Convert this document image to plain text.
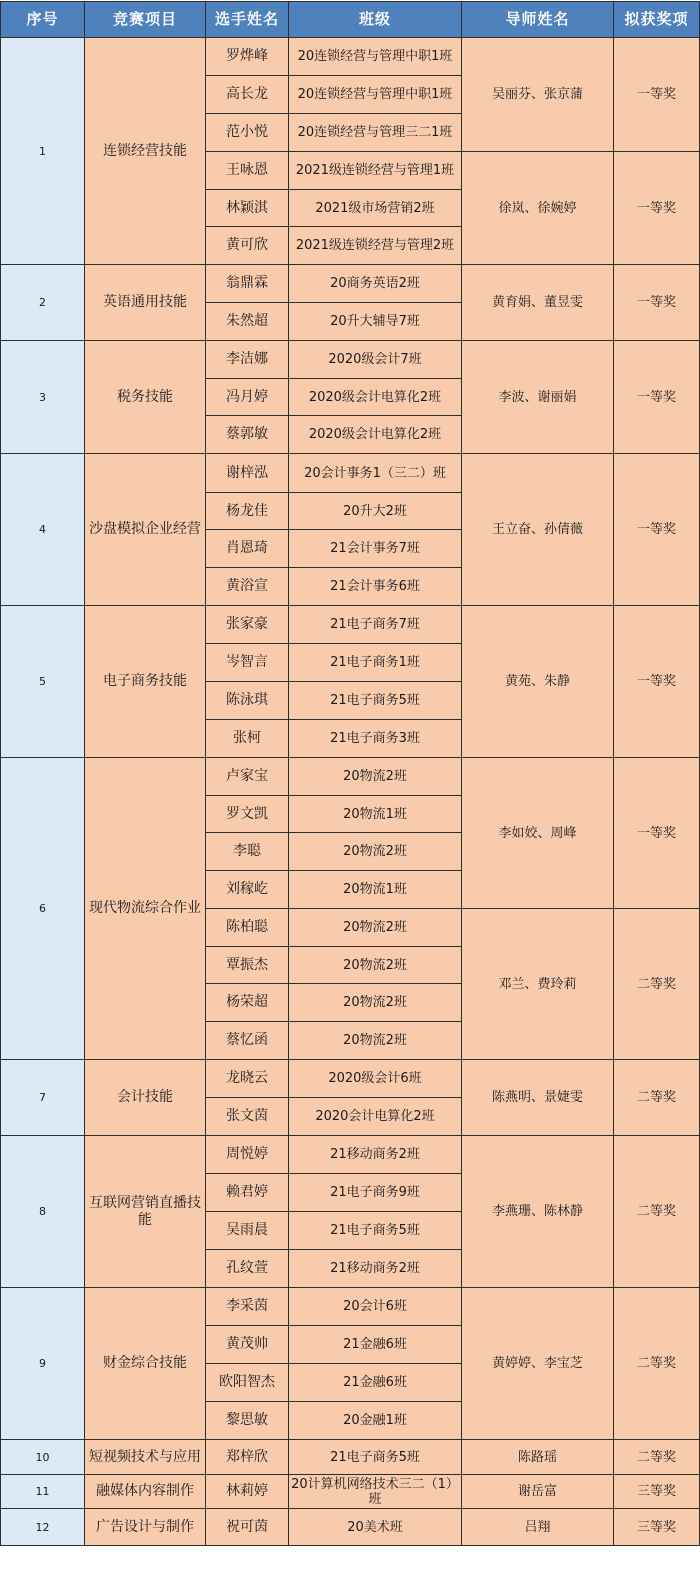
序号	竞赛项目	选手姓名	班级	导师姓名	拟获奖项
1	连锁经营技能	罗烨峰	20连锁经营与管理中职1班	吴丽芬、张京蒲	一等奖
		高长龙	20连锁经营与管理中职1班		
		范小悦	20连锁经营与管理三二1班		
		王咏恩	2021级连锁经营与管理1班	徐岚、徐婉婷	一等奖
		林颖淇	2021级市场营销2班		
		黄可欣	2021级连锁经营与管理2班		
2	英语通用技能	翁鼎霖	20商务英语2班	黄育娟、董昱雯	一等奖
		朱然超	20升大辅导7班		
3	税务技能	李洁娜	2020级会计7班	李波、谢丽娟	一等奖
		冯月婷	2020级会计电算化2班		
		蔡郭敏	2020级会计电算化2班		
4	沙盘模拟企业经营	谢梓泓	20会计事务1（三二）班	王立奋、孙倩薇	一等奖
		杨龙佳	20升大2班		
		肖恩琦	21会计事务7班		
		黄浴宣	21会计事务6班		
5	电子商务技能	张家豪	21电子商务7班	黄苑、朱静	一等奖
		岑智言	21电子商务1班		
		陈泳琪	21电子商务5班		
		张柯	21电子商务3班		
6	现代物流综合作业	卢家宝	20物流2班	李如姣、周峰	一等奖
		罗文凯	20物流1班		
		李聪	20物流2班		
		刘稼屹	20物流1班		
		陈柏聪	20物流2班	邓兰、费玲莉	二等奖
		覃振杰	20物流2班		
		杨荣超	20物流2班		
		蔡忆函	20物流2班		
7	会计技能	龙晓云	2020级会计6班	陈燕明、景婕雯	二等奖
		张文茵	2020会计电算化2班		
8	互联网营销直播技能	周悦婷	21移动商务2班	李燕珊、陈林静	二等奖
		赖君婷	21电子商务9班		
		吴雨晨	21电子商务5班		
		孔纹萱	21移动商务2班		
9	财金综合技能	李采茵	20会计6班	黄婷婷、李宝芝	二等奖
		黄茂帅	21金融6班		
		欧阳智杰	21金融6班		
		黎思敏	20金融1班		
10	短视频技术与应用	郑梓欣	21电子商务5班	陈路瑶	二等奖
11	融媒体内容制作	林莉婷	20计算机网络技术三二（1）班	谢岳富	三等奖
12	广告设计与制作	祝可茵	20美术班	吕翔	三等奖
